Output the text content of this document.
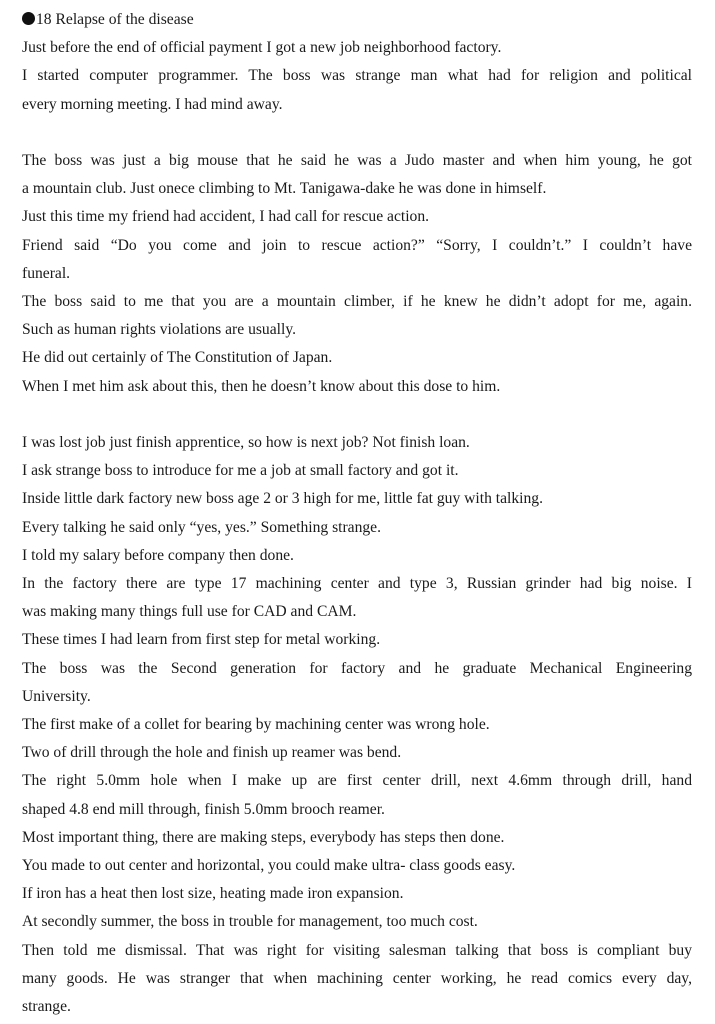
18 Relapse of the disease
Just before the end of official payment I got a new job neighborhood factory.
I started computer programmer. The boss was strange man what had for religion and political
every morning meeting. I had mind away.
The boss was just a big mouse that he said he was a Judo master and when him young, he got
a mountain club. Just onece climbing to Mt. Tanigawa-dake he was done in himself.
Just this time my friend had accident, I had call for rescue action.
Friend said “Do you come and join to rescue action?” “Sorry, I couldn’t.” I couldn’t have
funeral.
The boss said to me that you are a mountain climber, if he knew he didn’t adopt for me, again.
Such as human rights violations are usually.
He did out certainly of The Constitution of Japan.
When I met him ask about this, then he doesn’t know about this dose to him.
I was lost job just finish apprentice, so how is next job? Not finish loan.
I ask strange boss to introduce for me a job at small factory and got it.
Inside little dark factory new boss age 2 or 3 high for me, little fat guy with talking.
Every talking he said only “yes, yes.” Something strange.
I told my salary before company then done.
In the factory there are type 17 machining center and type 3, Russian grinder had big noise. I
was making many things full use for CAD and CAM.
These times I had learn from first step for metal working.
The boss was the Second generation for factory and he graduate Mechanical Engineering
University.
The first make of a collet for bearing by machining center was wrong hole.
Two of drill through the hole and finish up reamer was bend.
The right 5.0mm hole when I make up are first center drill, next 4.6mm through drill, hand
shaped 4.8 end mill through, finish 5.0mm brooch reamer.
Most important thing, there are making steps, everybody has steps then done.
You made to out center and horizontal, you could make ultra- class goods easy.
If iron has a heat then lost size, heating made iron expansion.
At secondly summer, the boss in trouble for management, too much cost.
Then told me dismissal. That was right for visiting salesman talking that boss is compliant buy
many goods. He was stranger that when machining center working, he read comics every day,
strange.
